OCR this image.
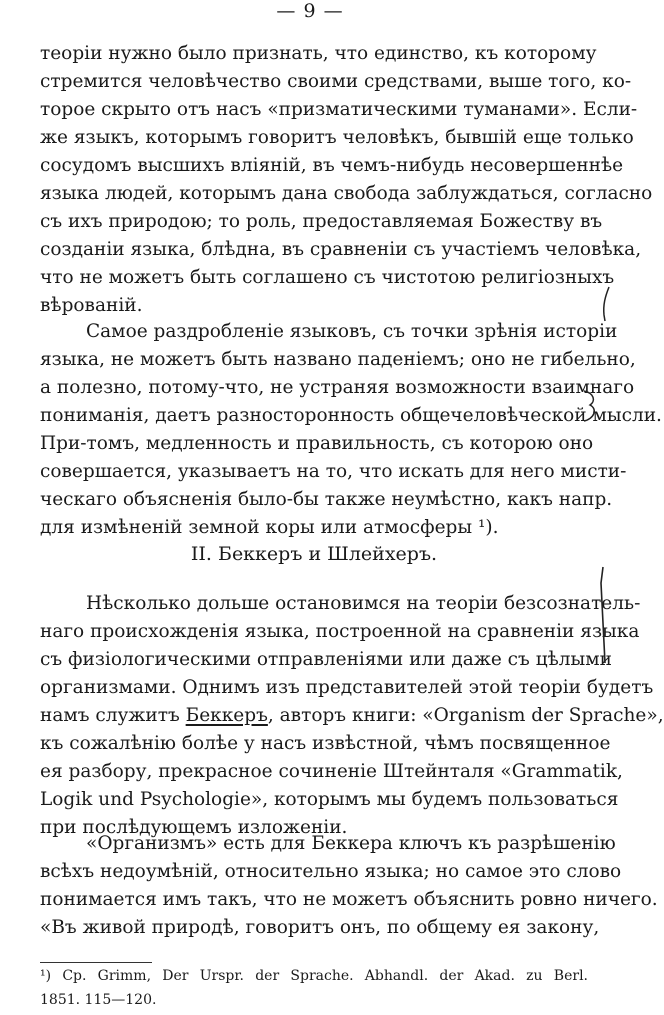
— 9 —
теоріи нужно было признать, что единство, къ которому
стремится человѣчество своими средствами, выше того, ко-
торое скрыто отъ насъ «призматическими туманами». Если-
же языкъ, которымъ говоритъ человѣкъ, бывшій еще только
сосудомъ высшихъ вліяній, въ чемъ-нибудь несовершеннѣе
языка людей, которымъ дана свобода заблуждаться, согласно
съ ихъ природою; то роль, предоставляемая Божеству въ
созданіи языка, блѣдна, въ сравненіи съ участіемъ человѣка,
что не можетъ быть соглашено съ чистотою религіозныхъ
вѣрованій.
Самое раздробленіе языковъ, съ точки зрѣнія исторіи
языка, не можетъ быть названо паденіемъ; оно не гибельно,
а полезно, потому-что, не устраняя возможности взаимнаго
пониманія, даетъ разносторонность общечеловѣческой мысли.
При-томъ, медленность и правильность, съ которою оно
совершается, указываетъ на то, что искать для него мисти-
ческаго объясненія было-бы также неумѣстно, какъ напр.
для измѣненій земной коры или атмосферы ¹).
II. Беккеръ и Шлейхеръ.
Нѣсколько дольше остановимся на теоріи безсознатель-
наго происхожденія языка, построенной на сравненіи языка
съ физіологическими отправленіями или даже съ цѣлыми
организмами. Однимъ изъ представителей этой теоріи будетъ
намъ служитъ Беккеръ, авторъ книги: «Organism der Sprache»,
къ сожалѣнію болѣе у насъ извѣстной, чѣмъ посвященное
ея разбору, прекрасное сочиненіе Штейнталя «Grammatik,
Logik und Psychologie», которымъ мы будемъ пользоваться
при послѣдующемъ изложеніи.
«Организмъ» есть для Беккера ключъ къ разрѣшенію
всѣхъ недоумѣній, относительно языка; но самое это слово
понимается имъ такъ, что не можетъ объяснить ровно ничего.
«Въ живой природѣ, говоритъ онъ, по общему ея закону,
¹) Cp. Grimm, Der Urspr. der Sprache. Abhandl. der Akad. zu Berl.
1851. 115—120.
